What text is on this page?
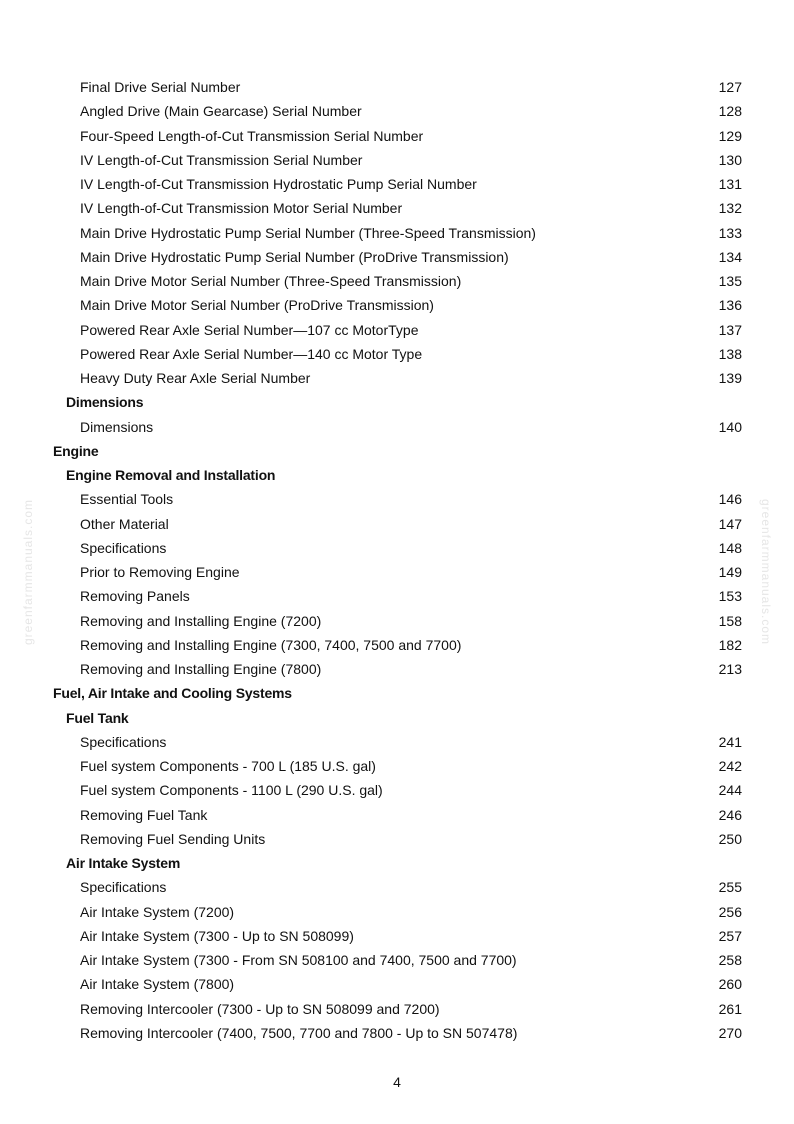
greenfarmmanuals.com	greenfarmmanuals.com
Final Drive Serial Number	127
Angled Drive (Main Gearcase) Serial Number	128
Four-Speed Length-of-Cut Transmission Serial Number	129
IV Length-of-Cut Transmission Serial Number	130
IV Length-of-Cut Transmission Hydrostatic Pump Serial Number	131
IV Length-of-Cut Transmission Motor Serial Number	132
Main Drive Hydrostatic Pump Serial Number (Three-Speed Transmission)	133
Main Drive Hydrostatic Pump Serial Number (ProDrive Transmission)	134
Main Drive Motor Serial Number (Three-Speed Transmission)	135
Main Drive Motor Serial Number (ProDrive Transmission)	136
Powered Rear Axle Serial Number—107 cc MotorType	137
Powered Rear Axle Serial Number—140 cc Motor Type	138
Heavy Duty Rear Axle Serial Number	139
Dimensions
Dimensions	140
Engine
Engine Removal and Installation
Essential Tools	146
Other Material	147
Specifications	148
Prior to Removing Engine	149
Removing Panels	153
Removing and Installing Engine (7200)	158
Removing and Installing Engine (7300, 7400, 7500 and 7700)	182
Removing and Installing Engine (7800)	213
Fuel, Air Intake and Cooling Systems
Fuel Tank
Specifications	241
Fuel system Components - 700 L (185 U.S. gal)	242
Fuel system Components - 1100 L (290 U.S. gal)	244
Removing Fuel Tank	246
Removing Fuel Sending Units	250
Air Intake System
Specifications	255
Air Intake System (7200)	256
Air Intake System (7300 - Up to SN 508099)	257
Air Intake System (7300 - From SN 508100 and 7400, 7500 and 7700)	258
Air Intake System (7800)	260
Removing Intercooler (7300 - Up to SN 508099 and 7200)	261
Removing Intercooler (7400, 7500, 7700 and 7800 - Up to SN 507478)	270
4
